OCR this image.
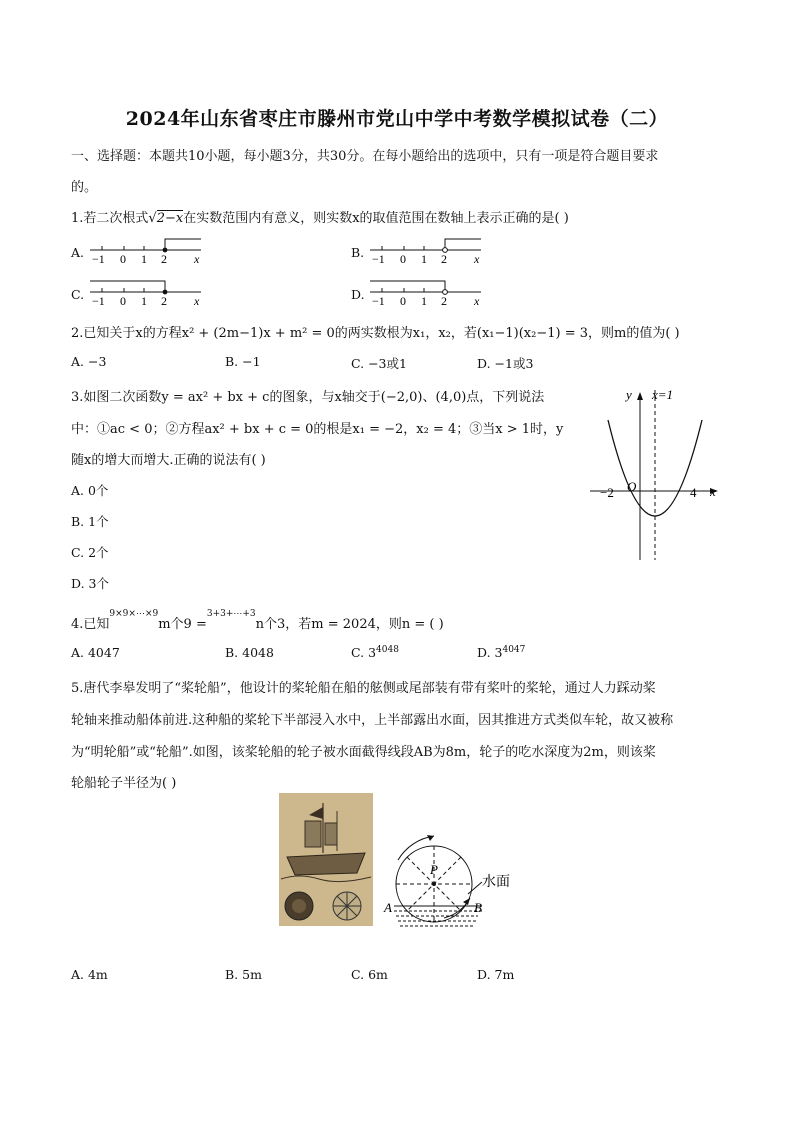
2024年山东省枣庄市滕州市党山中学中考数学模拟试卷（二）
一、选择题：本题共10小题，每小题3分，共30分。在每小题给出的选项中，只有一项是符合题目要求
的。
1.若二次根式√2−x在实数范围内有意义，则实数x的取值范围在数轴上表示正确的是( )
A.	B.
C.	D.
−1 0 1 2 x	−1 0 1 2 x
−1 0 1 2 x	−1 0 1 2 x
2.已知关于x的方程x² + (2m−1)x + m² = 0的两实数根为x₁，x₂，若(x₁−1)(x₂−1) = 3，则m的值为( )
A. −3	B. −1	C. −3或1	D. −1或3
3.如图二次函数y = ax² + bx + c的图象，与x轴交于(−2,0)、(4,0)点，下列说法
中：①ac < 0；②方程ax² + bx + c = 0的根是x₁ = −2，x₂ = 4；③当x > 1时，y
随x的增大而增大.正确的说法有( )
A. 0个
B. 1个
C. 2个
D. 3个
y x=1
O
−2	4 x
4.已知$^{9\times 9\times\cdots\times 9}$m个9 =$^{3+3+\cdots+3}$n个3，若m = 2024，则n = ( )
A. 4047	B. 4048	C. $3^{4048}$	D. $3^{4047}$
5.唐代李皋发明了“桨轮船”，他设计的桨轮船在船的舷侧或尾部装有带有桨叶的桨轮，通过人力踩动桨
轮轴来推动船体前进.这种船的桨轮下半部浸入水中，上半部露出水面，因其推进方式类似车轮，故又被称
为“明轮船”或“轮船”.如图，该桨轮船的轮子被水面截得线段AB为8m，轮子的吃水深度为2m，则该桨
轮船轮子半径为( )
P
水面
A	B
A. 4m	B. 5m	C. 6m	D. 7m
